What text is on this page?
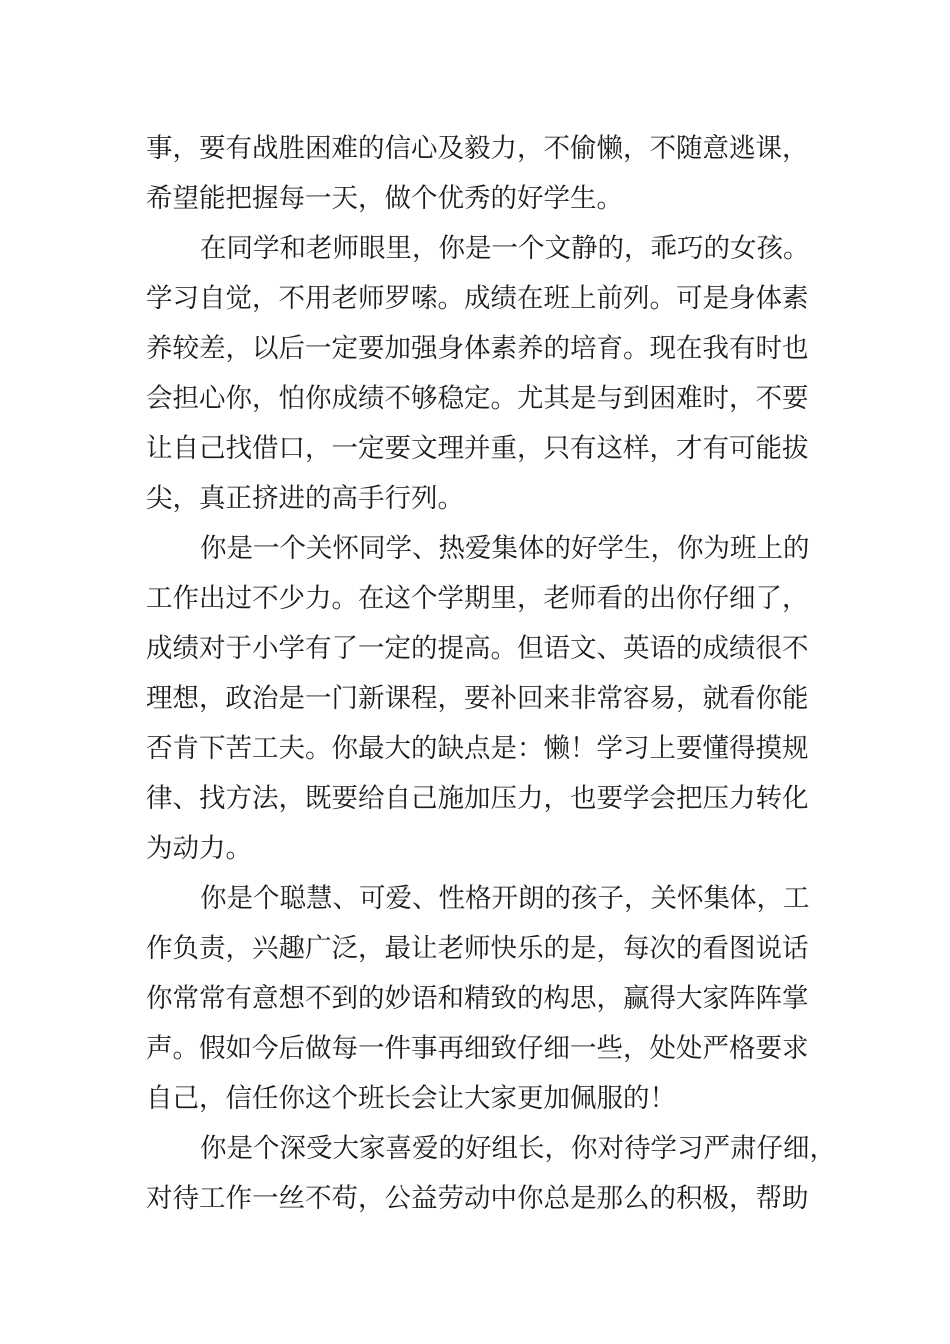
事，要有战胜困难的信心及毅力，不偷懒，不随意逃课，
希望能把握每一天，做个优秀的好学生。
在同学和老师眼里，你是一个文静的，乖巧的女孩。
学习自觉，不用老师罗嗦。成绩在班上前列。可是身体素
养较差，以后一定要加强身体素养的培育。现在我有时也
会担心你，怕你成绩不够稳定。尤其是与到困难时，不要
让自己找借口，一定要文理并重，只有这样，才有可能拔
尖，真正挤进的高手行列。
你是一个关怀同学、热爱集体的好学生，你为班上的
工作出过不少力。在这个学期里，老师看的出你仔细了，
成绩对于小学有了一定的提高。但语文、英语的成绩很不
理想，政治是一门新课程，要补回来非常容易，就看你能
否肯下苦工夫。你最大的缺点是：懒！学习上要懂得摸规
律、找方法，既要给自己施加压力，也要学会把压力转化
为动力。
你是个聪慧、可爱、性格开朗的孩子，关怀集体，工
作负责，兴趣广泛，最让老师快乐的是，每次的看图说话
你常常有意想不到的妙语和精致的构思，赢得大家阵阵掌
声。假如今后做每一件事再细致仔细一些，处处严格要求
自己，信任你这个班长会让大家更加佩服的！
你是个深受大家喜爱的好组长，你对待学习严肃仔细，
对待工作一丝不苟，公益劳动中你总是那么的积极，帮助
